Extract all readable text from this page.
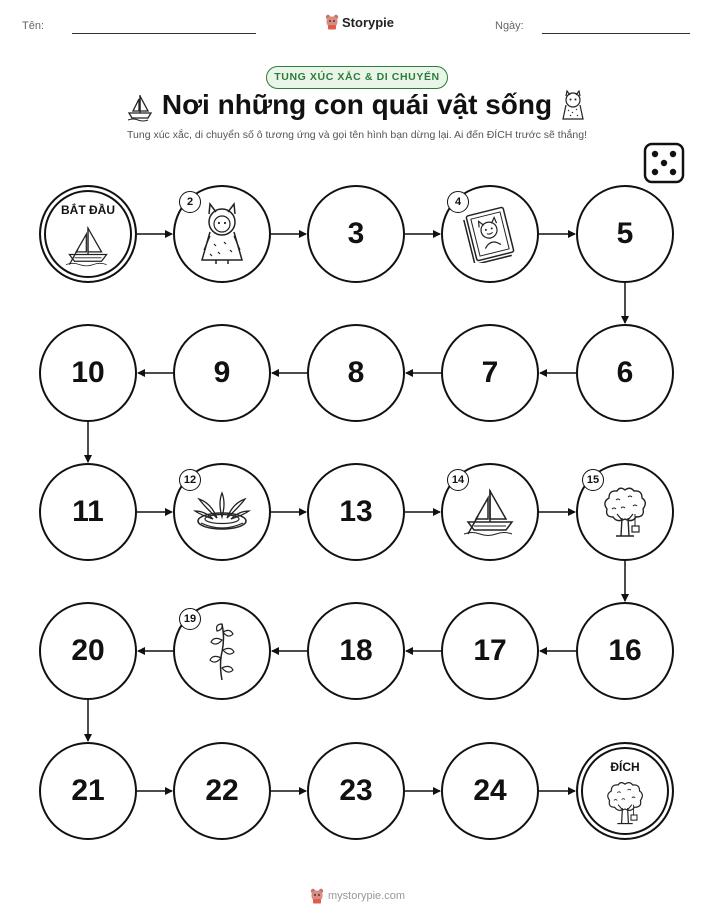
Tên:	Storypie	Ngày:
TUNG XÚC XẮC & DI CHUYỂN
Nơi những con quái vật sống
Tung xúc xắc, di chuyển số ô tương ứng và gọi tên hình bạn dừng lại. Ai đến ĐÍCH trước sẽ thắng!
BẮT ĐẦU
2
3
4
5
6
7
8
9
10
11
12
13
14	15
16
17
18
19
20
21	22	23	24
ĐÍCH
mystorypie.com
